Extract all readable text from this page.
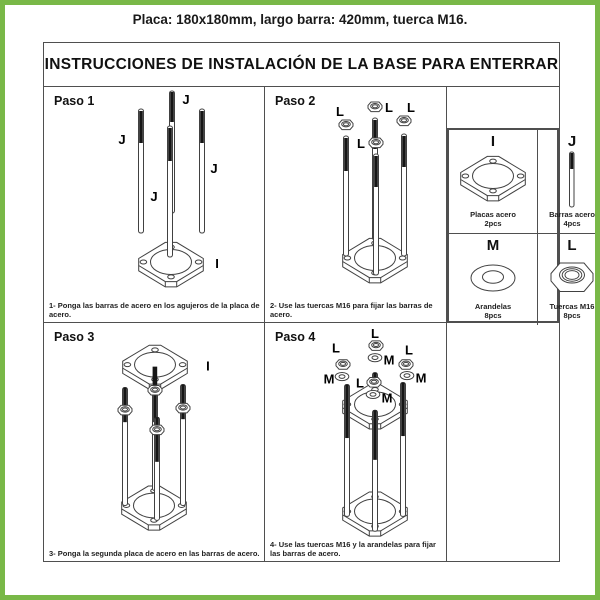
Placa: 180x180mm, largo barra: 420mm, tuerca M16.
INSTRUCCIONES DE INSTALACIÓN DE LA BASE PARA ENTERRAR
Paso 1
J
J
J
J
I
1- Ponga las barras de acero en los agujeros de la placa de acero.
Paso 2
L	L L
L
2- Use las tuercas M16 para fijar las barras de acero.
I
Placas acero
2pcs
J
Barras acero
4pcs
M
Arandelas
8pcs
L
Tuercas M16
8pcs
Paso 3
I
3- Ponga la segunda placa de acero en las barras de acero.
Paso 4	L
L	L
L
M
M	M
M
4- Use las tuercas M16 y la arandelas para fijar las barras de acero.
